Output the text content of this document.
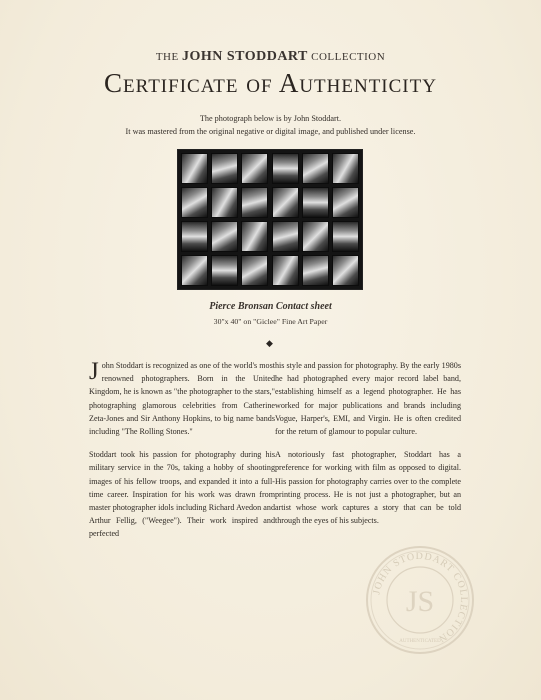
THE JOHN STODDART COLLECTION
Certificate of Authenticity
The photograph below is by John Stoddart.
It was mastered from the original negative or digital image, and published under license.
Pierce Bronsan Contact sheet
30"x 40" on "Giclee" Fine Art Paper
◆

John Stoddart is recognized as one of the world's most renowned photographers. Born in the United Kingdom, he is known as "the photographer to the stars," photographing glamorous celebrities from Catherine Zeta-Jones and Sir Anthony Hopkins, to big name bands including "The Rolling Stones."

Stoddart took his passion for photography during his military service in the 70s, taking a hobby of shooting images of his fellow troops, and expanded it into a full-time career. Inspiration for his work was drawn from master photographer idols including Richard Avedon and Arthur Fellig, ("Weegee"). Their work inspired and perfected

his style and passion for photography. By the early 1980s he had photographed every major record label band, establishing himself as a legend photographer. He has worked for major publications and brands including Vogue, Harper's, EMI, and Virgin. He is often credited for the return of glamour to popular culture.

A notoriously fast photographer, Stoddart has a preference for working with film as opposed to digital. His passion for photography carries over to the complete printing process. He is not just a photographer, but an artist whose work captures a story that can be told through the eyes of his subjects.

JOHN STODDART COLLECTION
JS
AUTHENTICATED
